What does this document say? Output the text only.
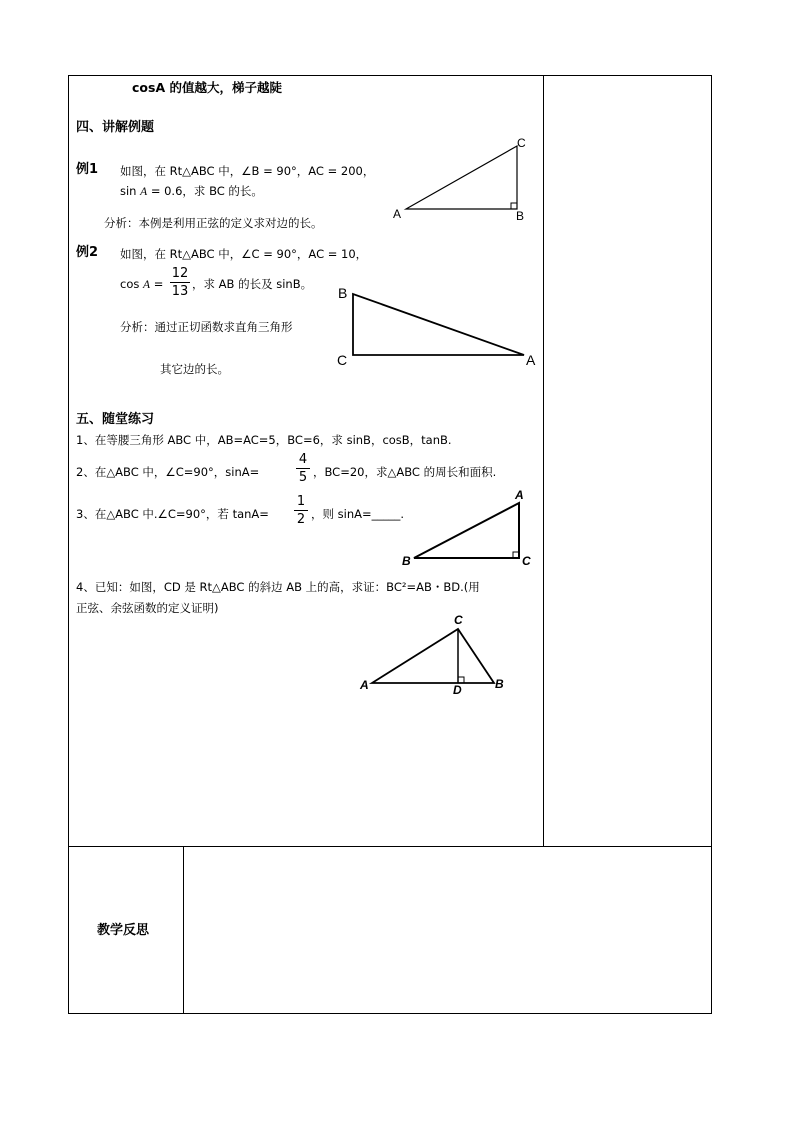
cosA 的值越大，梯子越陡
四、讲解例题
例1 如图，在 Rt△ABC 中，∠B = 90°，AC = 200，
sin A = 0.6，求 BC 的长。
分析：本例是利用正弦的定义求对边的长。
C
A	B
例2 如图，在 Rt△ABC 中，∠C = 90°，AC = 10，
cos A =
12
13 ，求 AB 的长及 sinB。
分析：通过正切函数求直角三角形
其它边的长。
B
C	A
五、随堂练习
1、在等腰三角形 ABC 中，AB=AC=5，BC=6，求 sinB，cosB，tanB.
2、在△ABC 中，∠C=90°，sinA=
4
5 ，BC=20，求△ABC 的周长和面积.
3、在△ABC 中.∠C=90°，若 tanA=
1
2 ，则 sinA=_____.
A
B	C
4、已知：如图，CD 是 Rt△ABC 的斜边 AB 上的高，求证：BC²=AB・BD.(用
正弦、余弦函数的定义证明)
C
A	D	B
教学反思
